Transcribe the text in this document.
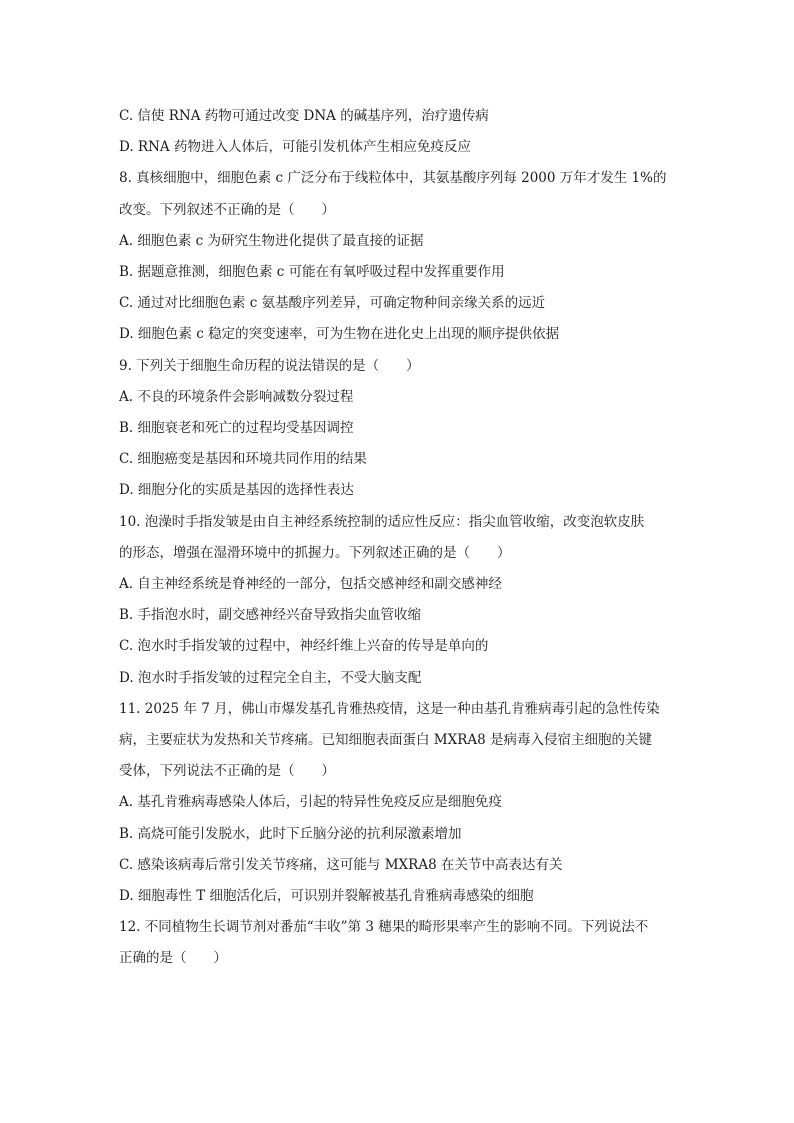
C. 信使 RNA 药物可通过改变 DNA 的碱基序列，治疗遗传病

D. RNA 药物进入人体后，可能引发机体产生相应免疫反应

8. 真核细胞中，细胞色素 c 广泛分布于线粒体中，其氨基酸序列每 2000 万年才发生 1%的

改变。下列叙述不正确的是（　　）

A. 细胞色素 c 为研究生物进化提供了最直接的证据

B. 据题意推测，细胞色素 c 可能在有氧呼吸过程中发挥重要作用

C. 通过对比细胞色素 c 氨基酸序列差异，可确定物种间亲缘关系的远近

D. 细胞色素 c 稳定的突变速率，可为生物在进化史上出现的顺序提供依据

9. 下列关于细胞生命历程的说法错误的是（　　）

A. 不良的环境条件会影响减数分裂过程

B. 细胞衰老和死亡的过程均受基因调控

C. 细胞癌变是基因和环境共同作用的结果

D. 细胞分化的实质是基因的选择性表达

10. 泡澡时手指发皱是由自主神经系统控制的适应性反应：指尖血管收缩，改变泡软皮肤

的形态，增强在湿滑环境中的抓握力。下列叙述正确的是（　　）

A. 自主神经系统是脊神经的一部分，包括交感神经和副交感神经

B. 手指泡水时，副交感神经兴奋导致指尖血管收缩

C. 泡水时手指发皱的过程中，神经纤维上兴奋的传导是单向的

D. 泡水时手指发皱的过程完全自主，不受大脑支配

11. 2025 年 7 月，佛山市爆发基孔肯雅热疫情，这是一种由基孔肯雅病毒引起的急性传染

病，主要症状为发热和关节疼痛。已知细胞表面蛋白 MXRA8 是病毒入侵宿主细胞的关键

受体，下列说法不正确的是（　　）

A. 基孔肯雅病毒感染人体后，引起的特异性免疫反应是细胞免疫

B. 高烧可能引发脱水，此时下丘脑分泌的抗利尿激素增加

C. 感染该病毒后常引发关节疼痛，这可能与 MXRA8 在关节中高表达有关

D. 细胞毒性 T 细胞活化后，可识别并裂解被基孔肯雅病毒感染的细胞

12. 不同植物生长调节剂对番茄“丰收”第 3 穗果的畸形果率产生的影响不同。下列说法不

正确的是（　　）
